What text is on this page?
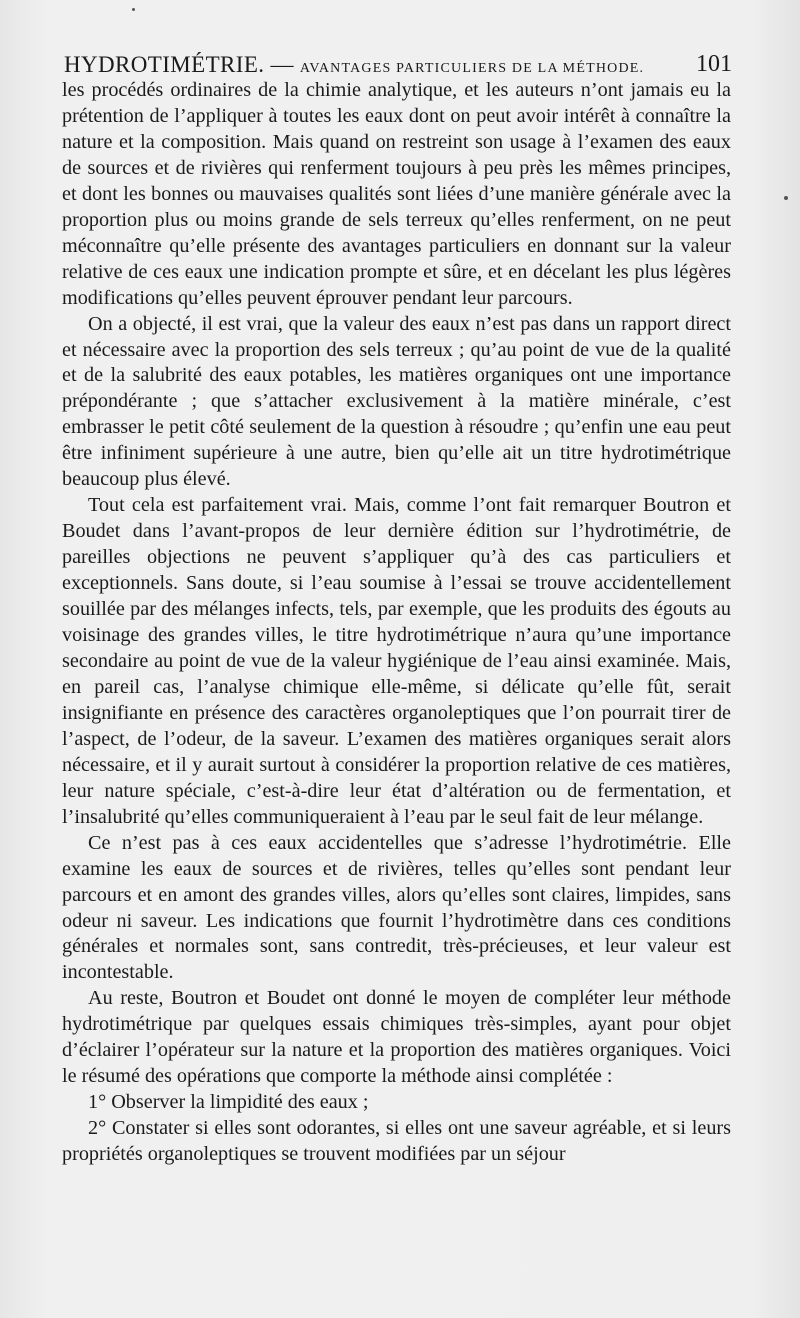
HYDROTIMÉTRIE. — AVANTAGES PARTICULIERS DE LA MÉTHODE. 101

les procédés ordinaires de la chimie analytique, et les auteurs n’ont jamais eu la prétention de l’appliquer à toutes les eaux dont on peut avoir intérêt à connaître la nature et la composition. Mais quand on restreint son usage à l’examen des eaux de sources et de rivières qui renferment toujours à peu près les mêmes principes, et dont les bonnes ou mauvaises qualités sont liées d’une manière générale avec la proportion plus ou moins grande de sels terreux qu’elles renferment, on ne peut méconnaître qu’elle présente des avantages particuliers en donnant sur la valeur relative de ces eaux une indication prompte et sûre, et en décelant les plus légères modifications qu’elles peuvent éprouver pendant leur parcours.

On a objecté, il est vrai, que la valeur des eaux n’est pas dans un rapport direct et nécessaire avec la proportion des sels terreux ; qu’au point de vue de la qualité et de la salubrité des eaux potables, les matières organiques ont une importance prépondérante ; que s’attacher exclusivement à la matière minérale, c’est embrasser le petit côté seulement de la question à résoudre ; qu’enfin une eau peut être infiniment supérieure à une autre, bien qu’elle ait un titre hydrotimétrique beaucoup plus élevé.

Tout cela est parfaitement vrai. Mais, comme l’ont fait remarquer Boutron et Boudet dans l’avant-propos de leur dernière édition sur l’hydrotimétrie, de pareilles objections ne peuvent s’appliquer qu’à des cas particuliers et exceptionnels. Sans doute, si l’eau soumise à l’essai se trouve accidentellement souillée par des mélanges infects, tels, par exemple, que les produits des égouts au voisinage des grandes villes, le titre hydrotimétrique n’aura qu’une importance secondaire au point de vue de la valeur hygiénique de l’eau ainsi examinée. Mais, en pareil cas, l’analyse chimique elle-même, si délicate qu’elle fût, serait insignifiante en présence des caractères organoleptiques que l’on pourrait tirer de l’aspect, de l’odeur, de la saveur. L’examen des matières organiques serait alors nécessaire, et il y aurait surtout à considérer la proportion relative de ces matières, leur nature spéciale, c’est-à-dire leur état d’altération ou de fermentation, et l’insalubrité qu’elles communiqueraient à l’eau par le seul fait de leur mélange.

Ce n’est pas à ces eaux accidentelles que s’adresse l’hydrotimétrie. Elle examine les eaux de sources et de rivières, telles qu’elles sont pendant leur parcours et en amont des grandes villes, alors qu’elles sont claires, limpides, sans odeur ni saveur. Les indications que fournit l’hydrotimètre dans ces conditions générales et normales sont, sans contredit, très-précieuses, et leur valeur est incontestable.

Au reste, Boutron et Boudet ont donné le moyen de compléter leur méthode hydrotimétrique par quelques essais chimiques très-simples, ayant pour objet d’éclairer l’opérateur sur la nature et la proportion des matières organiques. Voici le résumé des opérations que comporte la méthode ainsi complétée :

1° Observer la limpidité des eaux ;

2° Constater si elles sont odorantes, si elles ont une saveur agréable, et si leurs propriétés organoleptiques se trouvent modifiées par un séjour
